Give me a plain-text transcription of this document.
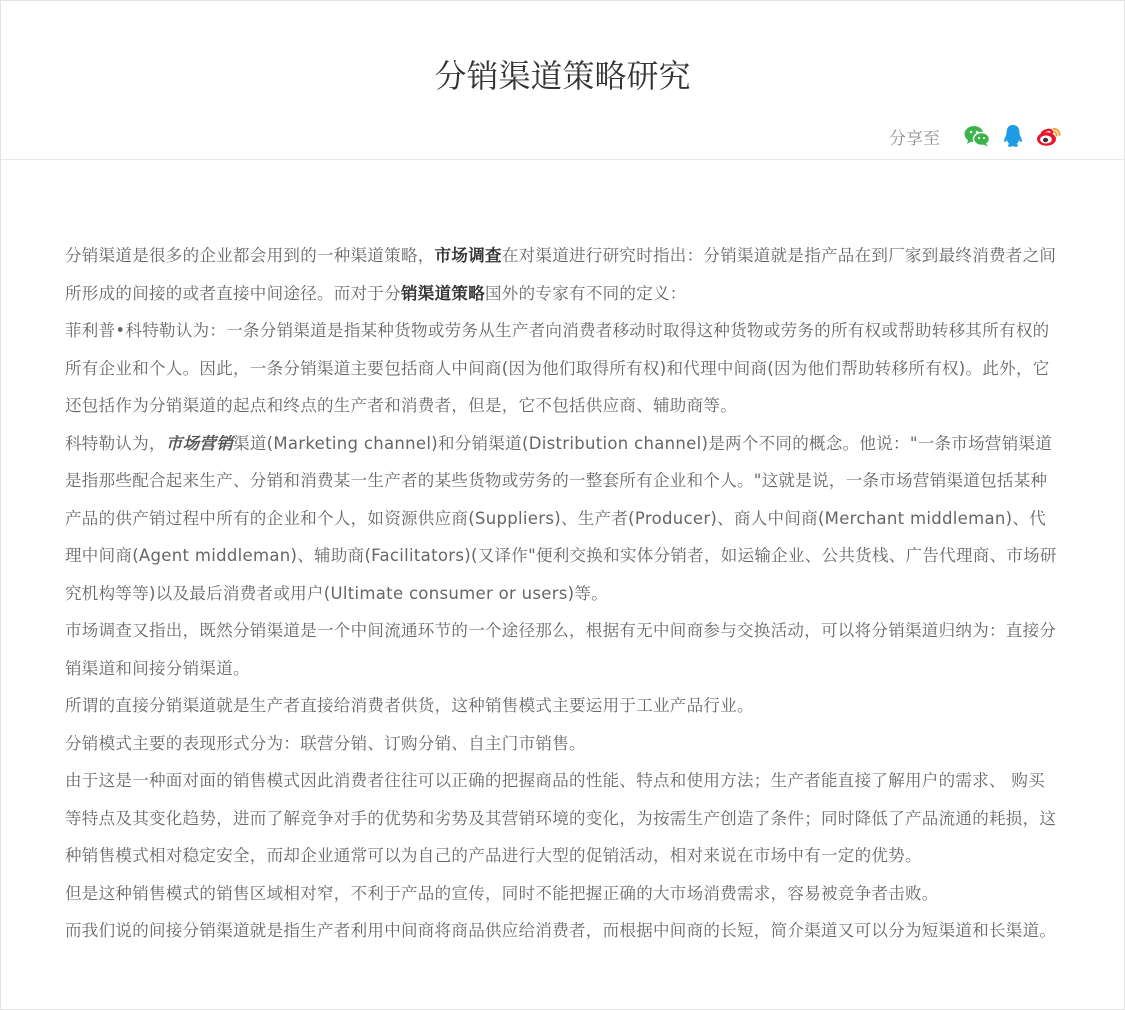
分销渠道策略研究
分享至

分销渠道是很多的企业都会用到的一种渠道策略，市场调查在对渠道进行研究时指出：分销渠道就是指产品在到厂家到最终消费者之间所形成的间接的或者直接中间途径。而对于分销渠道策略国外的专家有不同的定义：

菲利普•科特勒认为：一条分销渠道是指某种货物或劳务从生产者向消费者移动时取得这种货物或劳务的所有权或帮助转移其所有权的所有企业和个人。因此，一条分销渠道主要包括商人中间商(因为他们取得所有权)和代理中间商(因为他们帮助转移所有权)。此外，它还包括作为分销渠道的起点和终点的生产者和消费者，但是，它不包括供应商、辅助商等。

科特勒认为，市场营销渠道(Marketing channel)和分销渠道(Distribution channel)是两个不同的概念。他说："一条市场营销渠道是指那些配合起来生产、分销和消费某一生产者的某些货物或劳务的一整套所有企业和个人。"这就是说，一条市场营销渠道包括某种产品的供产销过程中所有的企业和个人，如资源供应商(Suppliers)、生产者(Producer)、商人中间商(Merchant middleman)、代理中间商(Agent middleman)、辅助商(Facilitators)(又译作"便利交换和实体分销者，如运输企业、公共货栈、广告代理商、市场研究机构等等)以及最后消费者或用户(Ultimate consumer or users)等。

市场调查又指出，既然分销渠道是一个中间流通环节的一个途径那么，根据有无中间商参与交换活动，可以将分销渠道归纳为：直接分销渠道和间接分销渠道。

所谓的直接分销渠道就是生产者直接给消费者供货，这种销售模式主要运用于工业产品行业。

分销模式主要的表现形式分为：联营分销、订购分销、自主门市销售。

由于这是一种面对面的销售模式因此消费者往往可以正确的把握商品的性能、特点和使用方法；生产者能直接了解用户的需求、 购买等特点及其变化趋势，进而了解竞争对手的优势和劣势及其营销环境的变化，为按需生产创造了条件；同时降低了产品流通的耗损，这种销售模式相对稳定安全，而却企业通常可以为自己的产品进行大型的促销活动，相对来说在市场中有一定的优势。

但是这种销售模式的销售区域相对窄，不利于产品的宣传，同时不能把握正确的大市场消费需求，容易被竞争者击败。

而我们说的间接分销渠道就是指生产者利用中间商将商品供应给消费者，而根据中间商的长短，简介渠道又可以分为短渠道和长渠道。
